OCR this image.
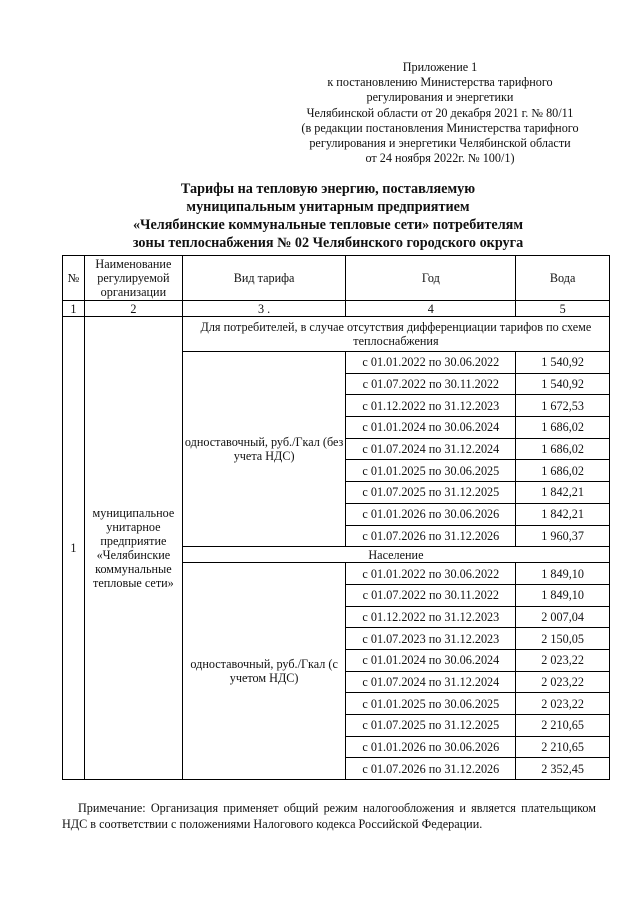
Приложение 1
к постановлению Министерства тарифного
регулирования и энергетики
Челябинской области от 20 декабря 2021 г. № 80/11
(в редакции постановления Министерства тарифного
регулирования и энергетики Челябинской области
от 24 ноября 2022г. № 100/1)
Тарифы на тепловую энергию, поставляемую
муниципальным унитарным предприятием
«Челябинские коммунальные тепловые сети» потребителям
зоны теплоснабжения № 02 Челябинского городского округа
№	Наименование регулируемой организации	Вид тарифа	Год	Вода
1	2	3 .	4	5
1	муниципальное унитарное предприятие «Челябинские коммунальные тепловые сети»	Для потребителей, в случае отсутствия дифференциации тарифов по схеме теплоснабжения		
		одноставочный, руб./Гкал (без учета НДС)	с 01.01.2022 по 30.06.2022	1 540,92
			с 01.07.2022 по 30.11.2022	1 540,92
			с 01.12.2022 по 31.12.2023	1 672,53
			с 01.01.2024 по 30.06.2024	1 686,02
			с 01.07.2024 по 31.12.2024	1 686,02
			с 01.01.2025 по 30.06.2025	1 686,02
			с 01.07.2025 по 31.12.2025	1 842,21
			с 01.01.2026 по 30.06.2026	1 842,21
			с 01.07.2026 по 31.12.2026	1 960,37
		Население		
		одноставочный, руб./Гкал (с учетом НДС)	с 01.01.2022 по 30.06.2022	1 849,10
			с 01.07.2022 по 30.11.2022	1 849,10
			с 01.12.2022 по 31.12.2023	2 007,04
			с 01.07.2023 по 31.12.2023	2 150,05
			с 01.01.2024 по 30.06.2024	2 023,22
			с 01.07.2024 по 31.12.2024	2 023,22
			с 01.01.2025 по 30.06.2025	2 023,22
			с 01.07.2025 по 31.12.2025	2 210,65
			с 01.01.2026 по 30.06.2026	2 210,65
			с 01.07.2026 по 31.12.2026	2 352,45
Примечание: Организация применяет общий режим налогообложения и является плательщиком НДС в соответствии с положениями Налогового кодекса Российской Федерации.
